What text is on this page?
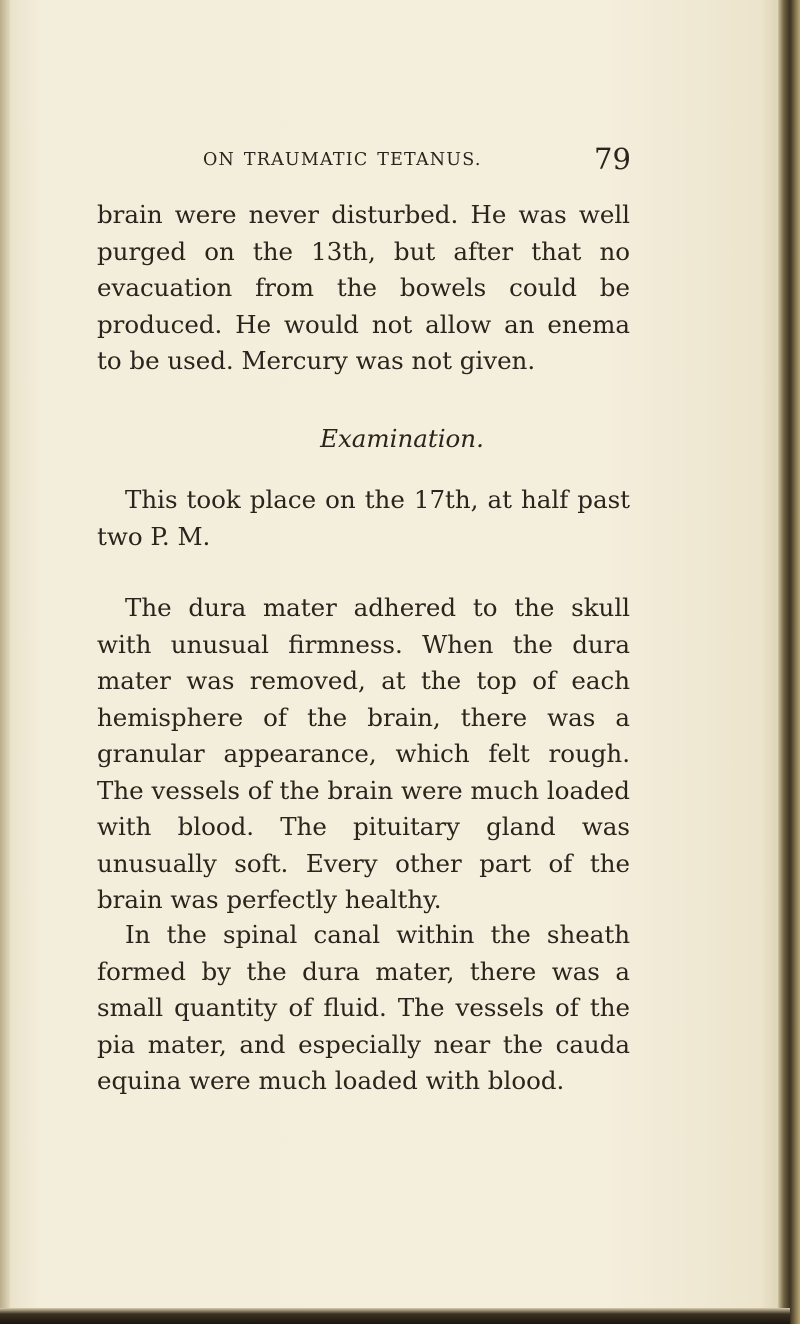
ON TRAUMATIC TETANUS.	79
brain were never disturbed. He was well purged on the 13th, but after that no evacuation from the bowels could be produced. He would not allow an enema to be used. Mercury was not given.
Examination.
This took place on the 17th, at half past two P. M.
The dura mater adhered to the skull with unusual firmness. When the dura mater was removed, at the top of each hemisphere of the brain, there was a granular appearance, which felt rough. The vessels of the brain were much loaded with blood. The pituitary gland was unusually soft. Every other part of the brain was perfectly healthy.
In the spinal canal within the sheath formed by the dura mater, there was a small quantity of fluid. The vessels of the pia mater, and especially near the cauda equina were much loaded with blood.
